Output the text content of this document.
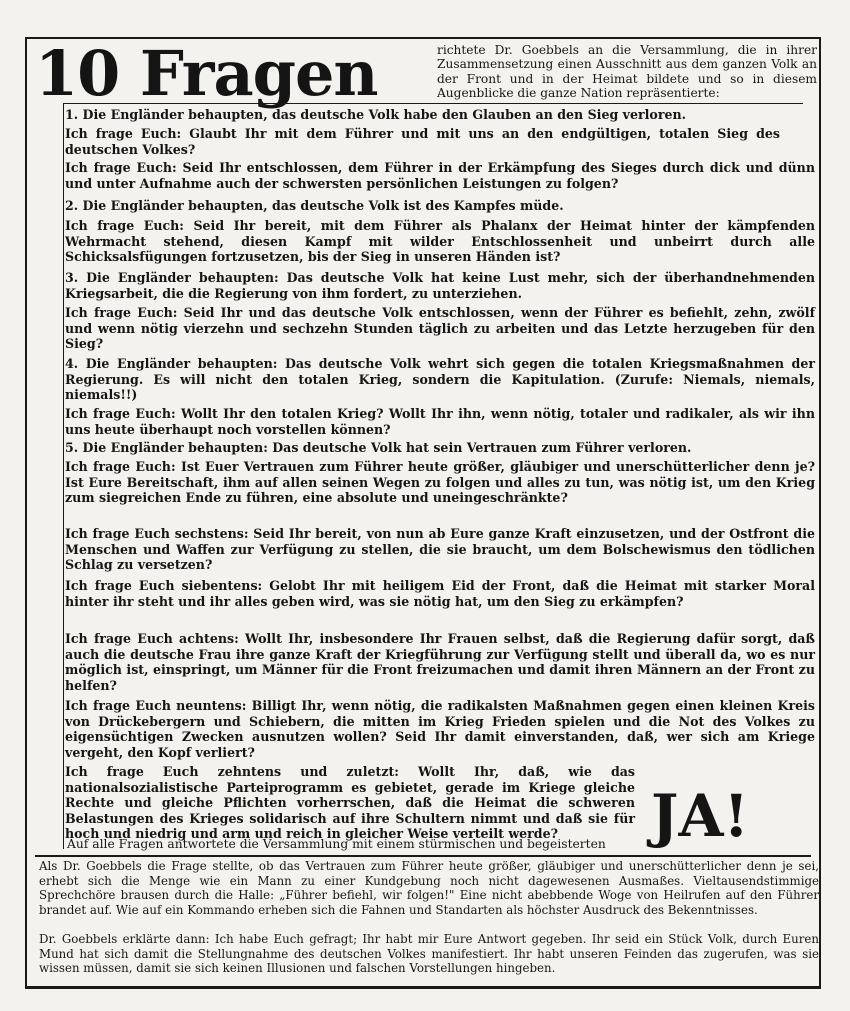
10 Fragen	richtete Dr. Goebbels an die Versammlung, die in ihrer Zusammensetzung einen Ausschnitt aus dem ganzen Volk an der Front und in der Heimat bildete und so in diesem Augenblicke die ganze Nation repräsentierte:
1. Die Engländer behaupten, das deutsche Volk habe den Glauben an den Sieg verloren.
Ich frage Euch: Glaubt Ihr mit dem Führer und mit uns an den endgültigen, totalen Sieg des deutschen Volkes?
Ich frage Euch: Seid Ihr entschlossen, dem Führer in der Erkämpfung des Sieges durch dick und dünn und unter Aufnahme auch der schwersten persönlichen Leistungen zu folgen?
2. Die Engländer behaupten, das deutsche Volk ist des Kampfes müde.
Ich frage Euch: Seid Ihr bereit, mit dem Führer als Phalanx der Heimat hinter der kämpfenden Wehrmacht stehend, diesen Kampf mit wilder Entschlossenheit und unbeirrt durch alle Schicksalsfügungen fortzusetzen, bis der Sieg in unseren Händen ist?
3. Die Engländer behaupten: Das deutsche Volk hat keine Lust mehr, sich der überhandnehmenden Kriegsarbeit, die die Regierung von ihm fordert, zu unterziehen.
Ich frage Euch: Seid Ihr und das deutsche Volk entschlossen, wenn der Führer es befiehlt, zehn, zwölf und wenn nötig vierzehn und sechzehn Stunden täglich zu arbeiten und das Letzte herzugeben für den Sieg?
4. Die Engländer behaupten: Das deutsche Volk wehrt sich gegen die totalen Kriegsmaßnahmen der Regierung. Es will nicht den totalen Krieg, sondern die Kapitulation. (Zurufe: Niemals, niemals, niemals!!)
Ich frage Euch: Wollt Ihr den totalen Krieg? Wollt Ihr ihn, wenn nötig, totaler und radikaler, als wir ihn uns heute überhaupt noch vorstellen können?
5. Die Engländer behaupten: Das deutsche Volk hat sein Vertrauen zum Führer verloren.
Ich frage Euch: Ist Euer Vertrauen zum Führer heute größer, gläubiger und unerschütterlicher denn je? Ist Eure Bereitschaft, ihm auf allen seinen Wegen zu folgen und alles zu tun, was nötig ist, um den Krieg zum siegreichen Ende zu führen, eine absolute und uneingeschränkte?
Ich frage Euch sechstens: Seid Ihr bereit, von nun ab Eure ganze Kraft einzusetzen, und der Ostfront die Menschen und Waffen zur Verfügung zu stellen, die sie braucht, um dem Bolschewismus den tödlichen Schlag zu versetzen?
Ich frage Euch siebentens: Gelobt Ihr mit heiligem Eid der Front, daß die Heimat mit starker Moral hinter ihr steht und ihr alles geben wird, was sie nötig hat, um den Sieg zu erkämpfen?
Ich frage Euch achtens: Wollt Ihr, insbesondere Ihr Frauen selbst, daß die Regierung dafür sorgt, daß auch die deutsche Frau ihre ganze Kraft der Kriegführung zur Verfügung stellt und überall da, wo es nur möglich ist, einspringt, um Männer für die Front freizumachen und damit ihren Männern an der Front zu helfen?
Ich frage Euch neuntens: Billigt Ihr, wenn nötig, die radikalsten Maßnahmen gegen einen kleinen Kreis von Drückebergern und Schiebern, die mitten im Krieg Frieden spielen und die Not des Volkes zu eigensüchtigen Zwecken ausnutzen wollen? Seid Ihr damit einverstanden, daß, wer sich am Kriege vergeht, den Kopf verliert?
Ich frage Euch zehntens und zuletzt: Wollt Ihr, daß, wie das nationalsozialistische Parteiprogramm es gebietet, gerade im Kriege gleiche Rechte und gleiche Pflichten vorherrschen, daß die Heimat die schweren Belastungen des Krieges solidarisch auf ihre Schultern nimmt und daß sie für hoch und niedrig und arm und reich in gleicher Weise verteilt werde?	JA!
Auf alle Fragen antwortete die Versammlung mit einem stürmischen und begeisterten
Als Dr. Goebbels die Frage stellte, ob das Vertrauen zum Führer heute größer, gläubiger und unerschütterlicher denn je sei, erhebt sich die Menge wie ein Mann zu einer Kundgebung noch nicht dagewesenen Ausmaßes. Vieltausendstimmige Sprechchöre brausen durch die Halle: „Führer befiehl, wir folgen!" Eine nicht abebbende Woge von Heilrufen auf den Führer brandet auf. Wie auf ein Kommando erheben sich die Fahnen und Standarten als höchster Ausdruck des Bekenntnisses.
Dr. Goebbels erklärte dann: Ich habe Euch gefragt; Ihr habt mir Eure Antwort gegeben. Ihr seid ein Stück Volk, durch Euren Mund hat sich damit die Stellungnahme des deutschen Volkes manifestiert. Ihr habt unseren Feinden das zugerufen, was sie wissen müssen, damit sie sich keinen Illusionen und falschen Vorstellungen hingeben.
